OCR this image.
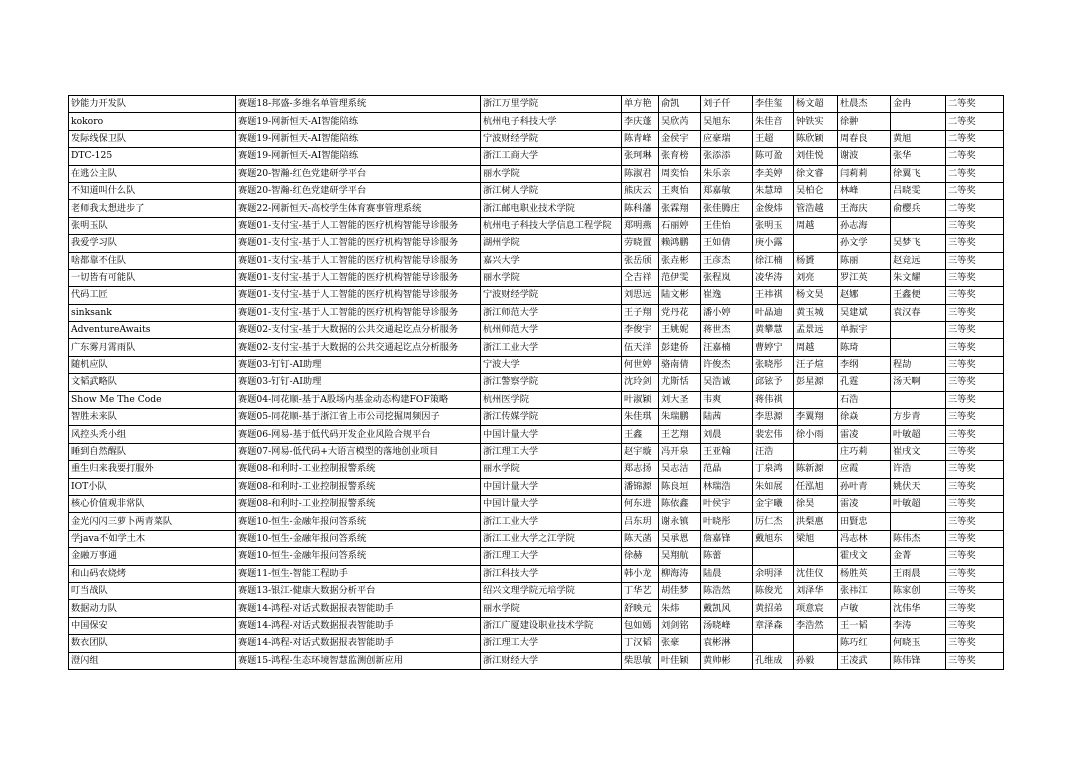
钞能力开发队	赛题18-邦盛-多维名单管理系统	浙江万里学院	单方艳	俞凯	刘子仟	李佳玺	杨文超	杜晨杰	金冉	二等奖
kokoro	赛题19-网新恒天-AI智能陪练	杭州电子科技大学	李庆蓬	吴欣芮	吴旭东	朱佳音	钟铁实	徐翀		二等奖
发际线保卫队	赛题19-网新恒天-AI智能陪练	宁波财经学院	陈青峰	金侯宇	应豪瑞	王超	陈欣颖	周春良	黄旭	二等奖
DTC-125	赛题19-网新恒天-AI智能陪练	浙江工商大学	张珂琳	张育榜	张添添	陈可盈	刘佳悦	谢波	张华	二等奖
在逃公主队	赛题20-智瀚-红色党建研学平台	丽水学院	陈淑君	周奕怡	朱乐亲	李美婷	徐文睿	闫莉莉	徐翼飞	二等奖
不知道叫什么队	赛题20-智瀚-红色党建研学平台	浙江树人学院	熊庆云	王爽怡	郑嘉敏	朱慧璋	吴柏仑	林峰	吕晓雯	二等奖
老师我太想进步了	赛题22-网新恒天-高校学生体育赛事管理系统	浙江邮电职业技术学院	陈科藩	张霖翔	张佳腾庄	金俊炜	管浩越	王海庆	俞樱兵	二等奖
张明玉队	赛题01-支付宝-基于人工智能的医疗机构智能导诊服务	杭州电子科技大学信息工程学院	郑明燕	石丽婷	王佳怡	张明玉	周越	孙志海		三等奖
我爱学习队	赛题01-支付宝-基于人工智能的医疗机构智能导诊服务	湖州学院	劳晓置	赖鸿鹏	王如倩	庚小露		孙文学	吴梦飞	三等奖
啥都靠不住队	赛题01-支付宝-基于人工智能的医疗机构智能导诊服务	嘉兴大学	张岳颀	张垚彬	王彦杰	徐江楠	杨贇	陈丽	赵竞远	三等奖
一切皆有可能队	赛题01-支付宝-基于人工智能的医疗机构智能导诊服务	丽水学院	仝吉祥	范伊雯	张程岚	凌华涛	刘亮	罗江英	朱文耀	三等奖
代码工匠	赛题01-支付宝-基于人工智能的医疗机构智能导诊服务	宁波财经学院	刘思远	陆文彬	崔逸	王祎祺	杨文昊	赵娜	王鑫便	三等奖
sinksank	赛题01-支付宝-基于人工智能的医疗机构智能导诊服务	浙江师范大学	王子翔	党丹花	潘小婷	叶晶迪	黄玉城	吴建斌	袁汉春	三等奖
AdventureAwaits	赛题02-支付宝-基于大数据的公共交通起讫点分析服务	杭州师范大学	李俊宇	王姚妮	蒋世杰	黄攀慧	孟景远	单振宇		三等奖
广东雾月霄雨队	赛题02-支付宝-基于大数据的公共交通起讫点分析服务	浙江工业大学	伍天洋	彭建侨	汪嘉楠	曹婷宁	周越	陈琦		三等奖
随机应队	赛题03-钉钉-AI助理	宁波大学	何世婷	骆南倩	许俊杰	张晓彤	汪子煊	李纲	程劼	三等奖
文韬武略队	赛题03-钉钉-AI助理	浙江警察学院	沈玲剑	尤斯恬	吴浩诚	邱铉予	彭星源	孔霆	汤天啊	三等奖
Show Me The Code	赛题04-同花顺-基于A股场内基金动态构建FOF策略	杭州医学院	叶淑颖	刘大圣	韦爽	蒋伟祺		石浩		三等奖
智胜未来队	赛题05-同花顺-基于浙江省上市公司挖掘周频因子	浙江传媒学院	朱佳琪	朱瑞鹏	陆茜	李思源	李翼翔	徐焱	方步青	三等奖
风控头秃小组	赛题06-网易-基于低代码开发企业风险合规平台	中国计量大学	王鑫	王艺翔	刘晨	裴宏伟	徐小雨	雷凌	叶敏超	三等奖
睡到自然醒队	赛题07-网易-低代码+大语言模型的落地创业项目	浙江理工大学	赵宇璇	冯开泉	王亚翰	汪浩		庄巧莉	崔戌文	三等奖
重生归来我要打服外	赛题08-和利时-工业控制报警系统	丽水学院	郑志扬	吴志洁	范晶	丁泉鸿	陈新源	应霞	许浩	三等奖
IOT小队	赛题08-和利时-工业控制报警系统	中国计量大学	潘锦源	陈良垣	林瑞浩	朱如展	任泓旭	孙叶青	姚伏天	三等奖
核心价值观非常队	赛题08-和利时-工业控制报警系统	中国计量大学	何东进	陈依鑫	叶侯宇	金宇曦	徐昊	雷凌	叶敏超	三等奖
金光闪闪三萝卜两青菜队	赛题10-恒生-金融年报问答系统	浙江工业大学	吕东玥	谢永镇	叶晓彤	厉仁杰	洪梨惠	田賢忠		三等奖
学java不如学土木	赛题10-恒生-金融年报问答系统	浙江工业大学之江学院	陈天菡	吴承恩	詹嘉锋	戴旭东	梁旭	冯志林	陈伟杰	三等奖
金融万事通	赛题10-恒生-金融年报问答系统	浙江理工大学	徐赫	吴翔航	陈蕾			霍戌文	金菁	三等奖
和山码农烧烤	赛题11-恒生-智能工程助手	浙江科技大学	韩小龙	柳海涛	陆晨	余明泽	沈佳仪	杨胜英	王雨晨	三等奖
叮当战队	赛题13-银江-健康大数据分析平台	绍兴文理学院元培学院	丁华艺	胡佳梦	陈浩然	陈俊光	刘泽华	张祎江	陈家创	三等奖
数据动力队	赛题14-鸿程-对话式数据报表智能助手	丽水学院	舒映元	朱炜	戴凯风	黄招弟	项意宸	卢敏	沈伟华	三等奖
中国保安	赛题14-鸿程-对话式数据报表智能助手	浙江广厦建设职业技术学院	包如嫣	刘剑铭	汤晓峰	章泽森	李浩然	王一韬	李涛	三等奖
数衣团队	赛题14-鸿程-对话式数据报表智能助手	浙江理工大学	丁汉韬	张豪	袁彬淋			陈巧红	何晓玉	三等奖
澄闪组	赛题15-鸿程-生态环境智慧监测创新应用	浙江财经大学	柴思敏	叶佳颖	黄帅彬	孔维成	孙毅	王凌武	陈伟锋	三等奖
